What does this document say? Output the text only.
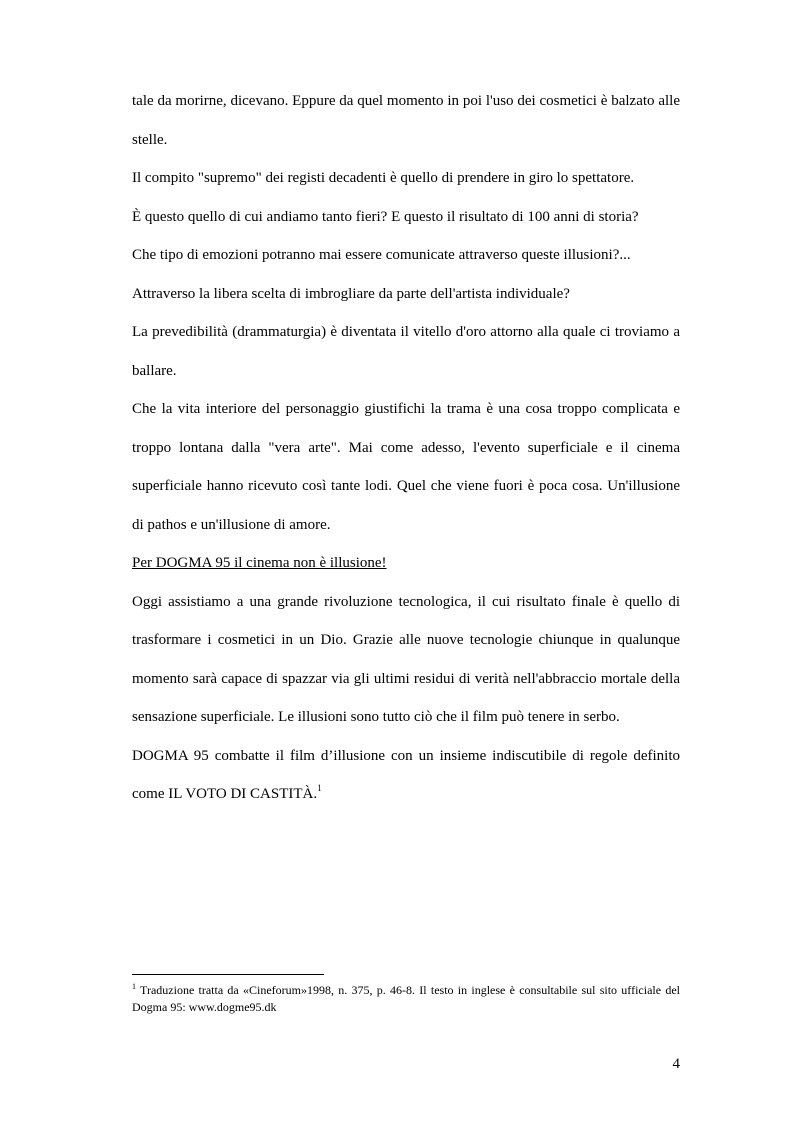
tale da morirne, dicevano. Eppure da quel momento in poi l'uso dei cosmetici è balzato alle stelle.

Il compito "supremo" dei registi decadenti è quello di prendere in giro lo spettatore.

È questo quello di cui andiamo tanto fieri? E questo il risultato di 100 anni di storia?

Che tipo di emozioni potranno mai essere comunicate attraverso queste illusioni?...

Attraverso la libera scelta di imbrogliare da parte dell'artista individuale?

La prevedibilità (drammaturgia) è diventata il vitello d'oro attorno alla quale ci troviamo a ballare.

Che la vita interiore del personaggio giustifichi la trama è una cosa troppo complicata e troppo lontana dalla "vera arte". Mai come adesso, l'evento superficiale e il cinema superficiale hanno ricevuto così tante lodi. Quel che viene fuori è poca cosa. Un'illusione di pathos e un'illusione di amore.

Per DOGMA 95 il cinema non è illusione!

Oggi assistiamo a una grande rivoluzione tecnologica, il cui risultato finale è quello di trasformare i cosmetici in un Dio. Grazie alle nuove tecnologie chiunque in qualunque momento sarà capace di spazzar via gli ultimi residui di verità nell'abbraccio mortale della sensazione superficiale. Le illusioni sono tutto ciò che il film può tenere in serbo.

DOGMA 95 combatte il film d’illusione con un insieme indiscutibile di regole definito come IL VOTO DI CASTITÀ.$^1$

$^1$ Traduzione tratta da «Cineforum»1998, n. 375, p. 46-8. Il testo in inglese è consultabile sul sito ufficiale del Dogma 95: www.dogme95.dk

4
